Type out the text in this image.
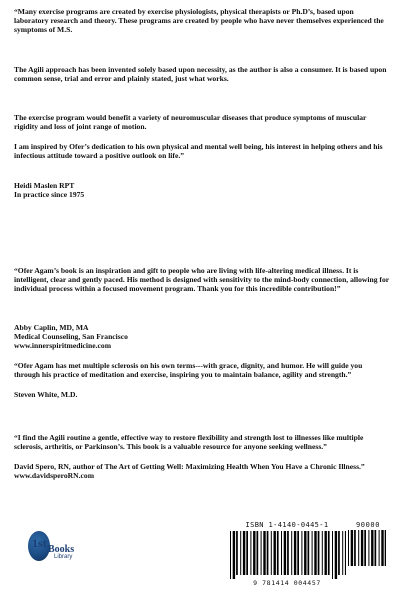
“Many exercise programs are created by exercise physiologists, physical therapists or Ph.D’s, based upon laboratory research and theory. These programs are created by people who have never themselves experienced the symptoms of M.S.

The Agili approach has been invented solely based upon necessity, as the author is also a consumer. It is based upon common sense, trial and error and plainly stated, just what works.

The exercise program would benefit a variety of neuromuscular diseases that produce symptoms of muscular rigidity and loss of joint range of motion.

I am inspired by Ofer’s dedication to his own physical and mental well being, his interest in helping others and his infectious attitude toward a positive outlook on life.”

Heidi Maslen RPT
In practice since 1975

“Ofer Agam’s book is an inspiration and gift to people who are living with life-altering medical illness. It is intelligent, clear and gently paced. His method is designed with sensitivity to the mind-body connection, allowing for individual process within a focused movement program. Thank you for this incredible contribution!”

Abby Caplin, MD, MA
Medical Counseling, San Francisco
www.innerspiritmedicine.com

“Ofer Agam has met multiple sclerosis on his own terms---with grace, dignity, and humor. He will guide you through his practice of meditation and exercise, inspiring you to maintain balance, agility and strength.”

Steven White, M.D.

“I find the Agili routine a gentle, effective way to restore flexibility and strength lost to illnesses like multiple sclerosis, arthritis, or Parkinson’s. This book is a valuable resource for anyone seeking wellness.”

David Spero, RN, author of The Art of Getting Well: Maximizing Health When You Have a Chronic Illness.”
www.davidsperoRN.com
1st Books
Library
ISBN 1-4140-0445-1	90000
9 781414 004457
